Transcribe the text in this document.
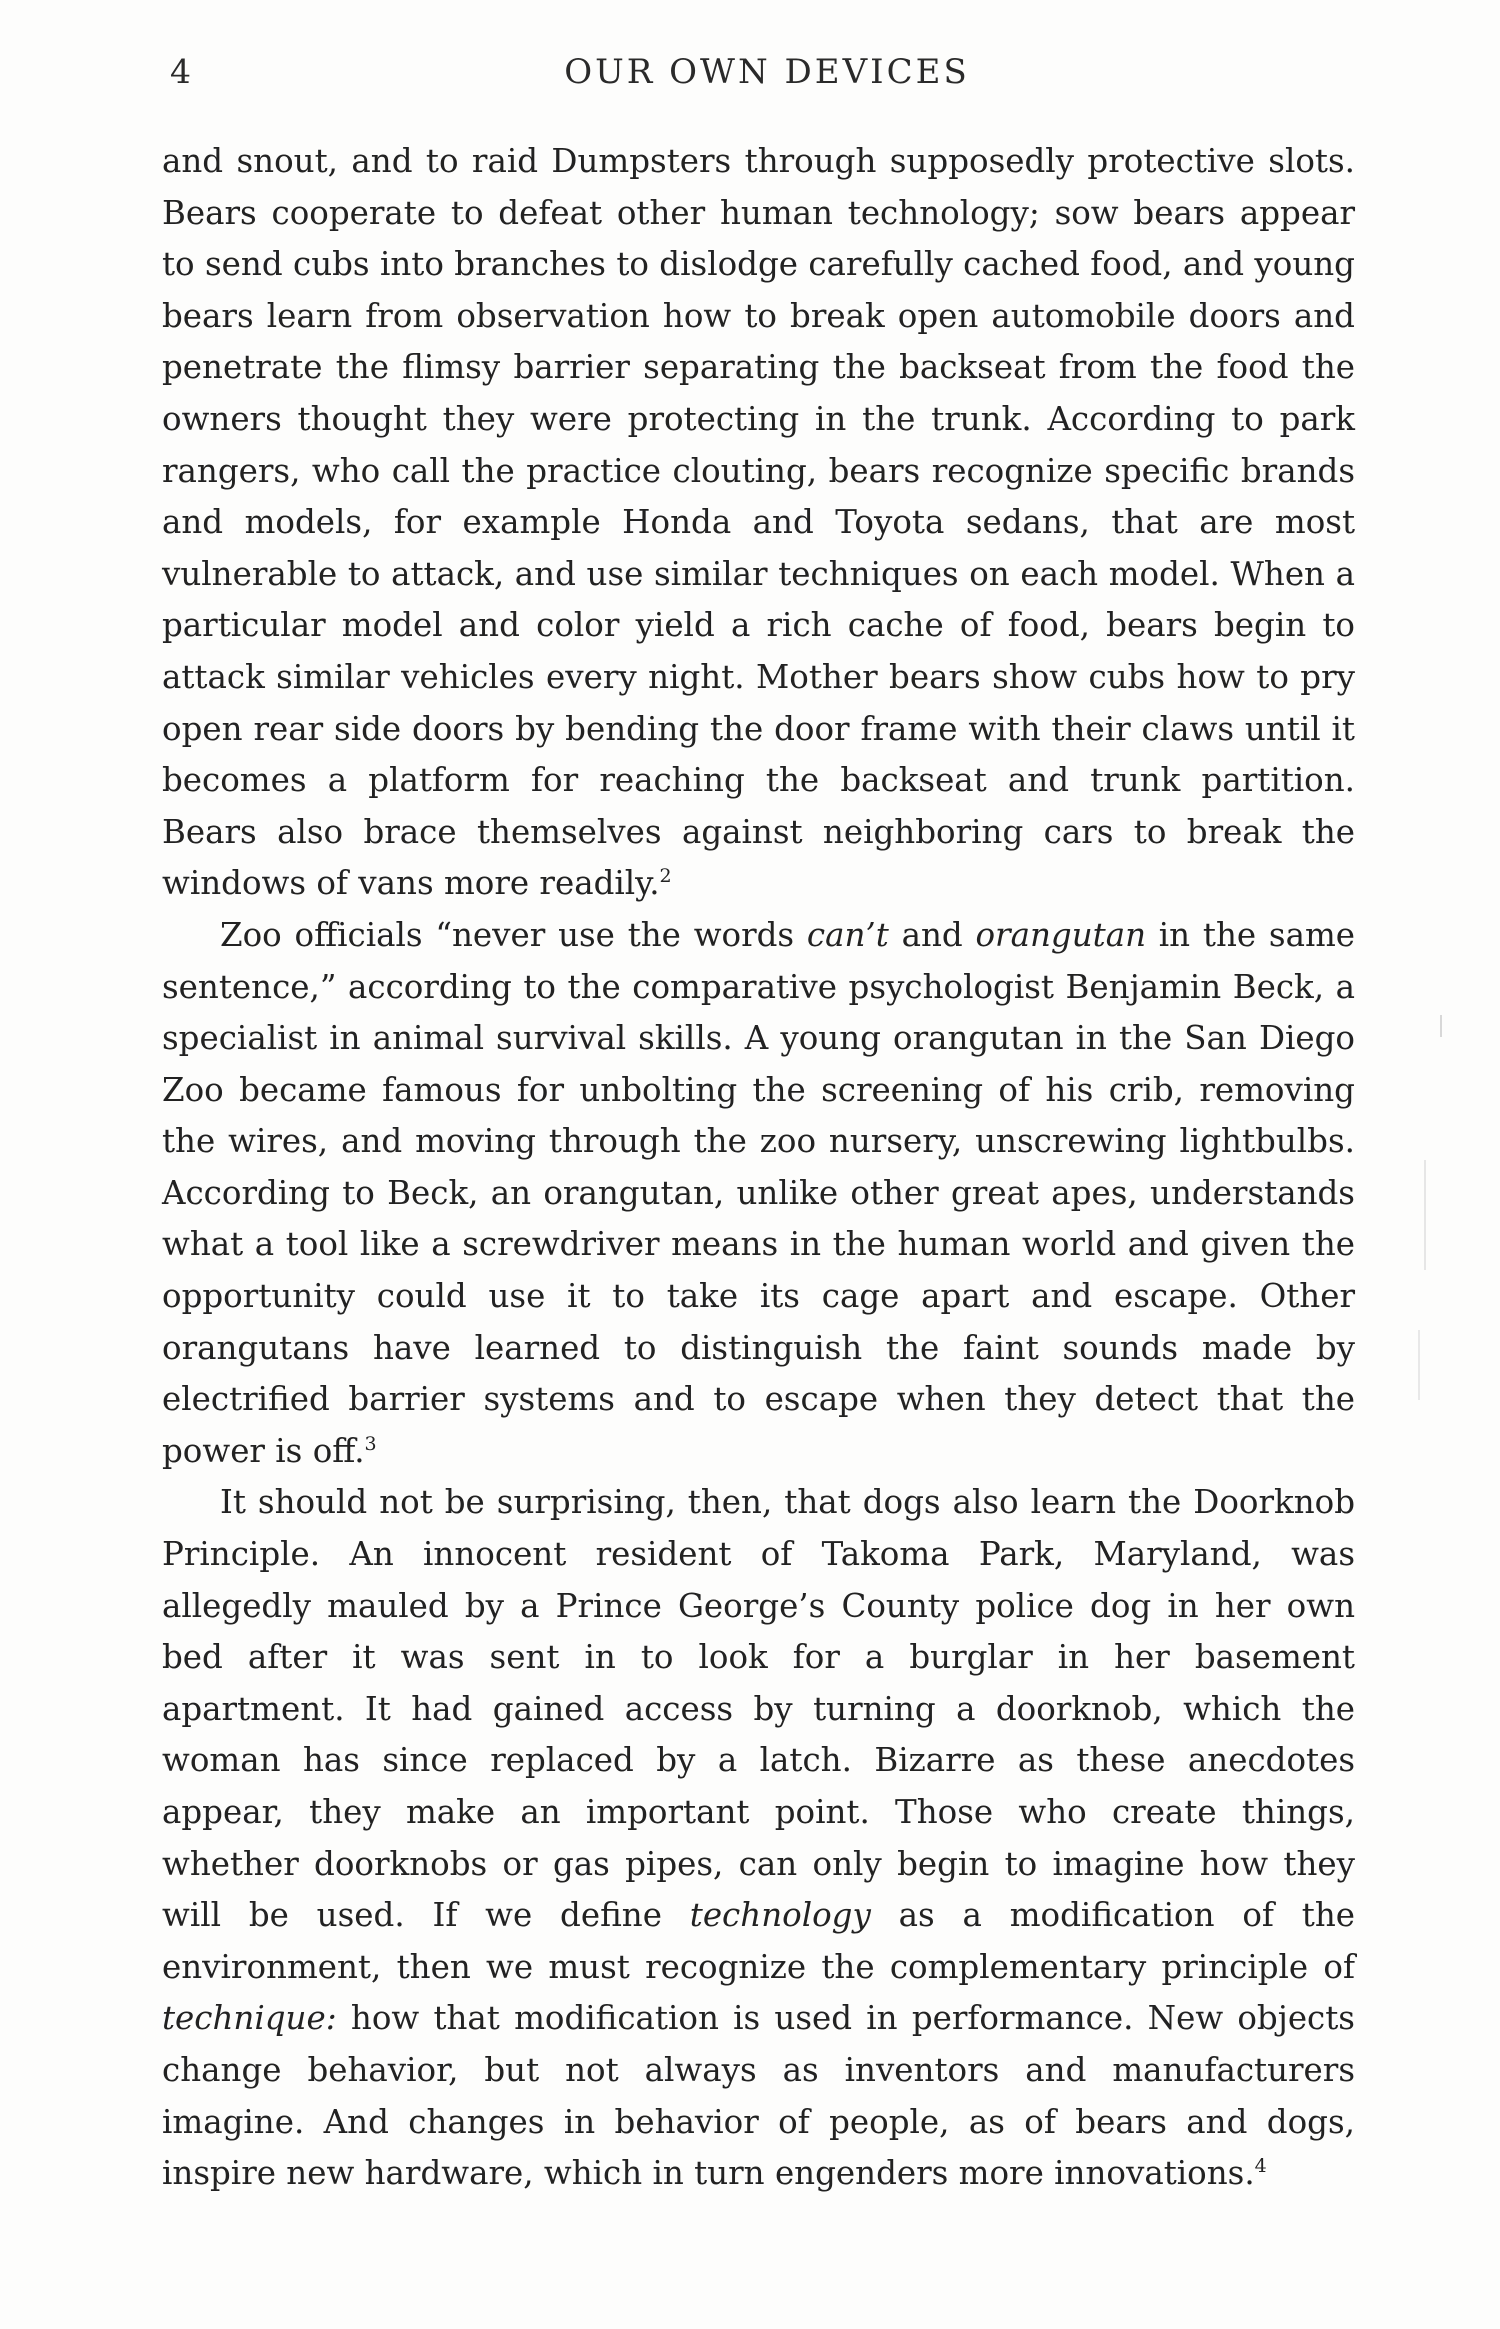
4	OUR OWN DEVICES

and snout, and to raid Dumpsters through supposedly protective slots. Bears cooperate to defeat other human technology; sow bears appear to send cubs into branches to dislodge carefully cached food, and young bears learn from observation how to break open automobile doors and penetrate the flimsy barrier separating the backseat from the food the owners thought they were protecting in the trunk. According to park rangers, who call the practice clouting, bears recognize specific brands and models, for example Honda and Toyota sedans, that are most vulnerable to attack, and use similar techniques on each model. When a particular model and color yield a rich cache of food, bears begin to attack similar vehicles every night. Mother bears show cubs how to pry open rear side doors by bending the door frame with their claws until it becomes a platform for reaching the backseat and trunk partition. Bears also brace themselves against neighboring cars to break the windows of vans more readily.$^2$

Zoo officials “never use the words can’t and orangutan in the same sentence,” according to the comparative psychologist Benjamin Beck, a specialist in animal survival skills. A young orangutan in the San Diego Zoo became famous for unbolting the screening of his crib, removing the wires, and moving through the zoo nursery, unscrewing lightbulbs. According to Beck, an orangutan, unlike other great apes, understands what a tool like a screwdriver means in the human world and given the opportunity could use it to take its cage apart and escape. Other orangutans have learned to distinguish the faint sounds made by electrified barrier systems and to escape when they detect that the power is off.$^3$

It should not be surprising, then, that dogs also learn the Doorknob Principle. An innocent resident of Takoma Park, Maryland, was allegedly mauled by a Prince George’s County police dog in her own bed after it was sent in to look for a burglar in her basement apartment. It had gained access by turning a doorknob, which the woman has since replaced by a latch. Bizarre as these anecdotes appear, they make an important point. Those who create things, whether doorknobs or gas pipes, can only begin to imagine how they will be used. If we define technology as a modification of the environment, then we must recognize the complementary principle of technique: how that modification is used in performance. New objects change behavior, but not always as inventors and manufacturers imagine. And changes in behavior of people, as of bears and dogs, inspire new hardware, which in turn engenders more innovations.$^4$
